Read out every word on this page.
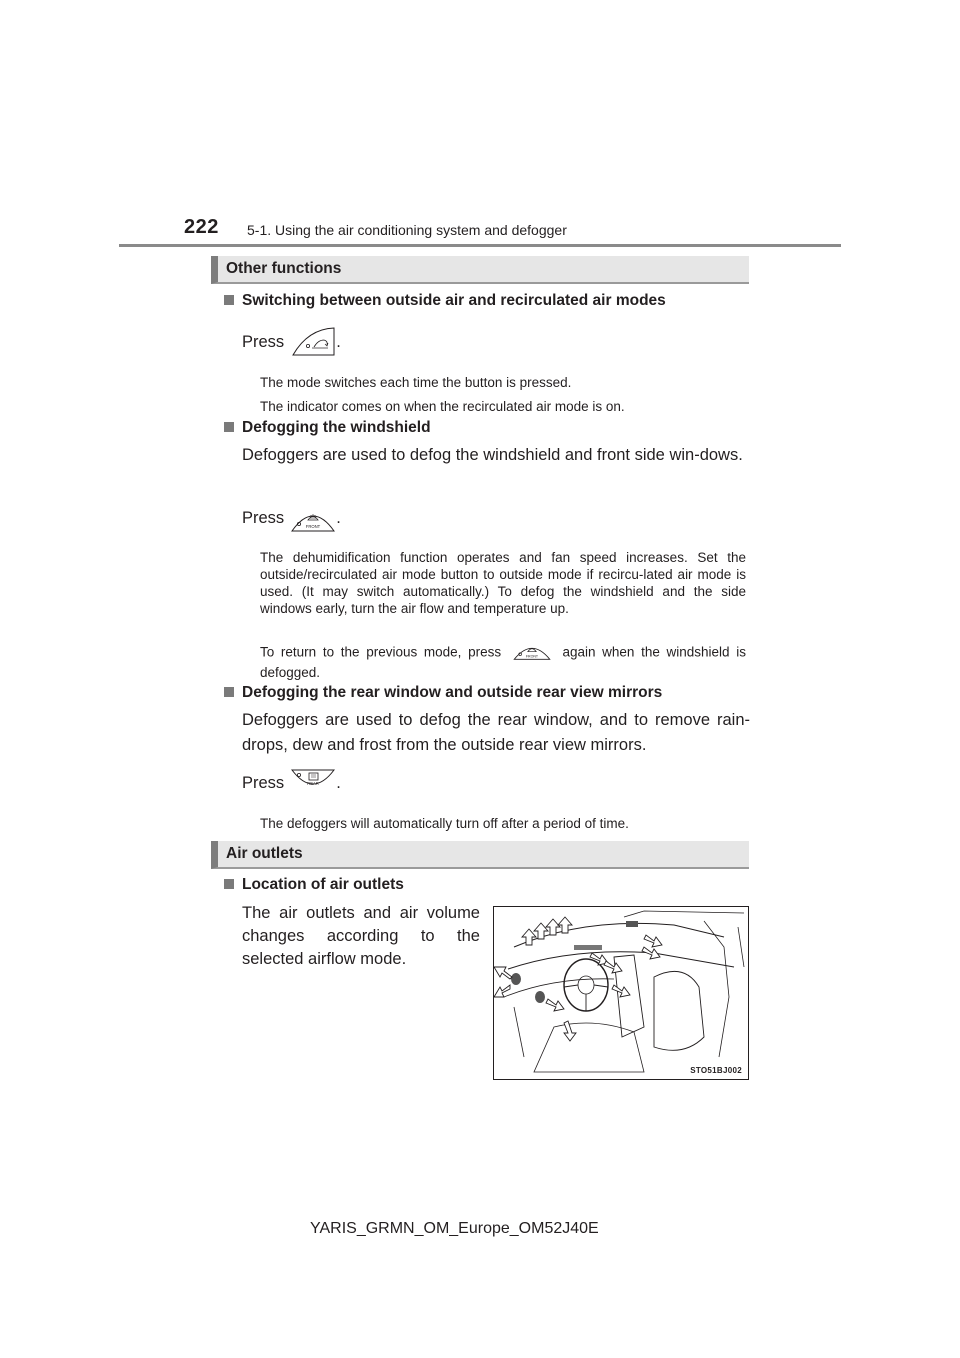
222 5-1. Using the air conditioning system and defogger
Other functions
Switching between outside air and recirculated air modes
Press	.
The mode switches each time the button is pressed.
The indicator comes on when the recirculated air mode is on.
Defogging the windshield
Defoggers are used to defog the windshield and front side win-dows.
Press	FRONT .
The dehumidification function operates and fan speed increases. Set the outside/recirculated air mode button to outside mode if recircu-lated air mode is used. (It may switch automatically.) To defog the windshield and the side windows early, turn the air flow and temperature up.
To return to the previous mode, press	FRONT again when the windshield is defogged.
Defogging the rear window and outside rear view mirrors
Defoggers are used to defog the rear window, and to remove rain-drops, dew and frost from the outside rear view mirrors.
Press	REAR .
The defoggers will automatically turn off after a period of time.
Air outlets
Location of air outlets
The air outlets and air volume changes according to the selected airflow mode.
STO51BJ002
YARIS_GRMN_OM_Europe_OM52J40E
